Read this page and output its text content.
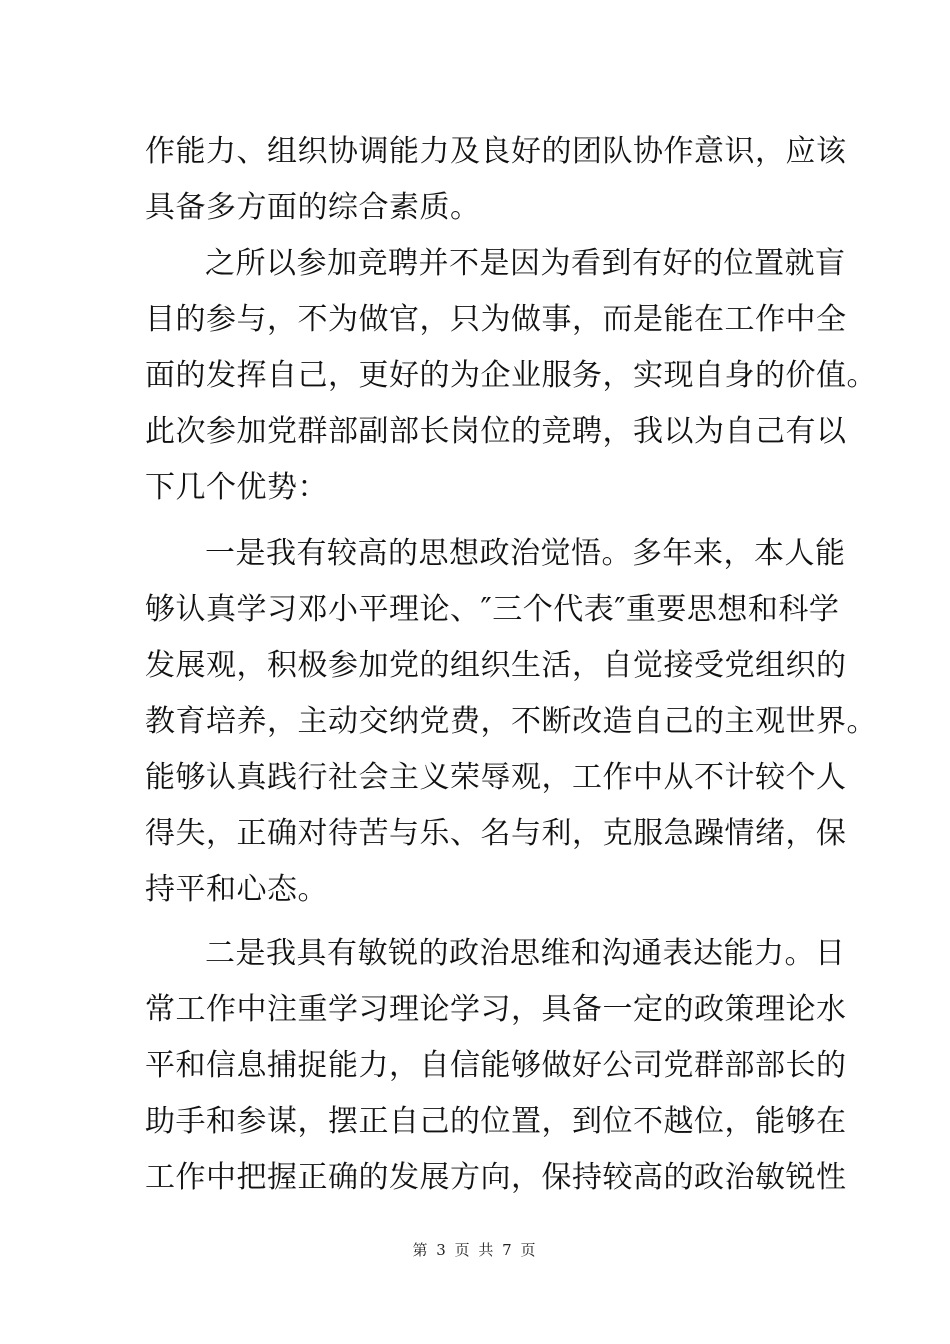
作能力、组织协调能力及良好的团队协作意识，应该
具备多方面的综合素质。
之所以参加竞聘并不是因为看到有好的位置就盲
目的参与，不为做官，只为做事，而是能在工作中全
面的发挥自己，更好的为企业服务，实现自身的价值。
此次参加党群部副部长岗位的竞聘，我以为自己有以
下几个优势：
一是我有较高的思想政治觉悟。多年来，本人能
够认真学习邓小平理论、″三个代表″重要思想和科学
发展观，积极参加党的组织生活，自觉接受党组织的
教育培养，主动交纳党费，不断改造自己的主观世界。
能够认真践行社会主义荣辱观，工作中从不计较个人
得失，正确对待苦与乐、名与利，克服急躁情绪，保
持平和心态。
二是我具有敏锐的政治思维和沟通表达能力。日
常工作中注重学习理论学习，具备一定的政策理论水
平和信息捕捉能力，自信能够做好公司党群部部长的
助手和参谋，摆正自己的位置，到位不越位，能够在
工作中把握正确的发展方向，保持较高的政治敏锐性
第 3 页 共 7 页
